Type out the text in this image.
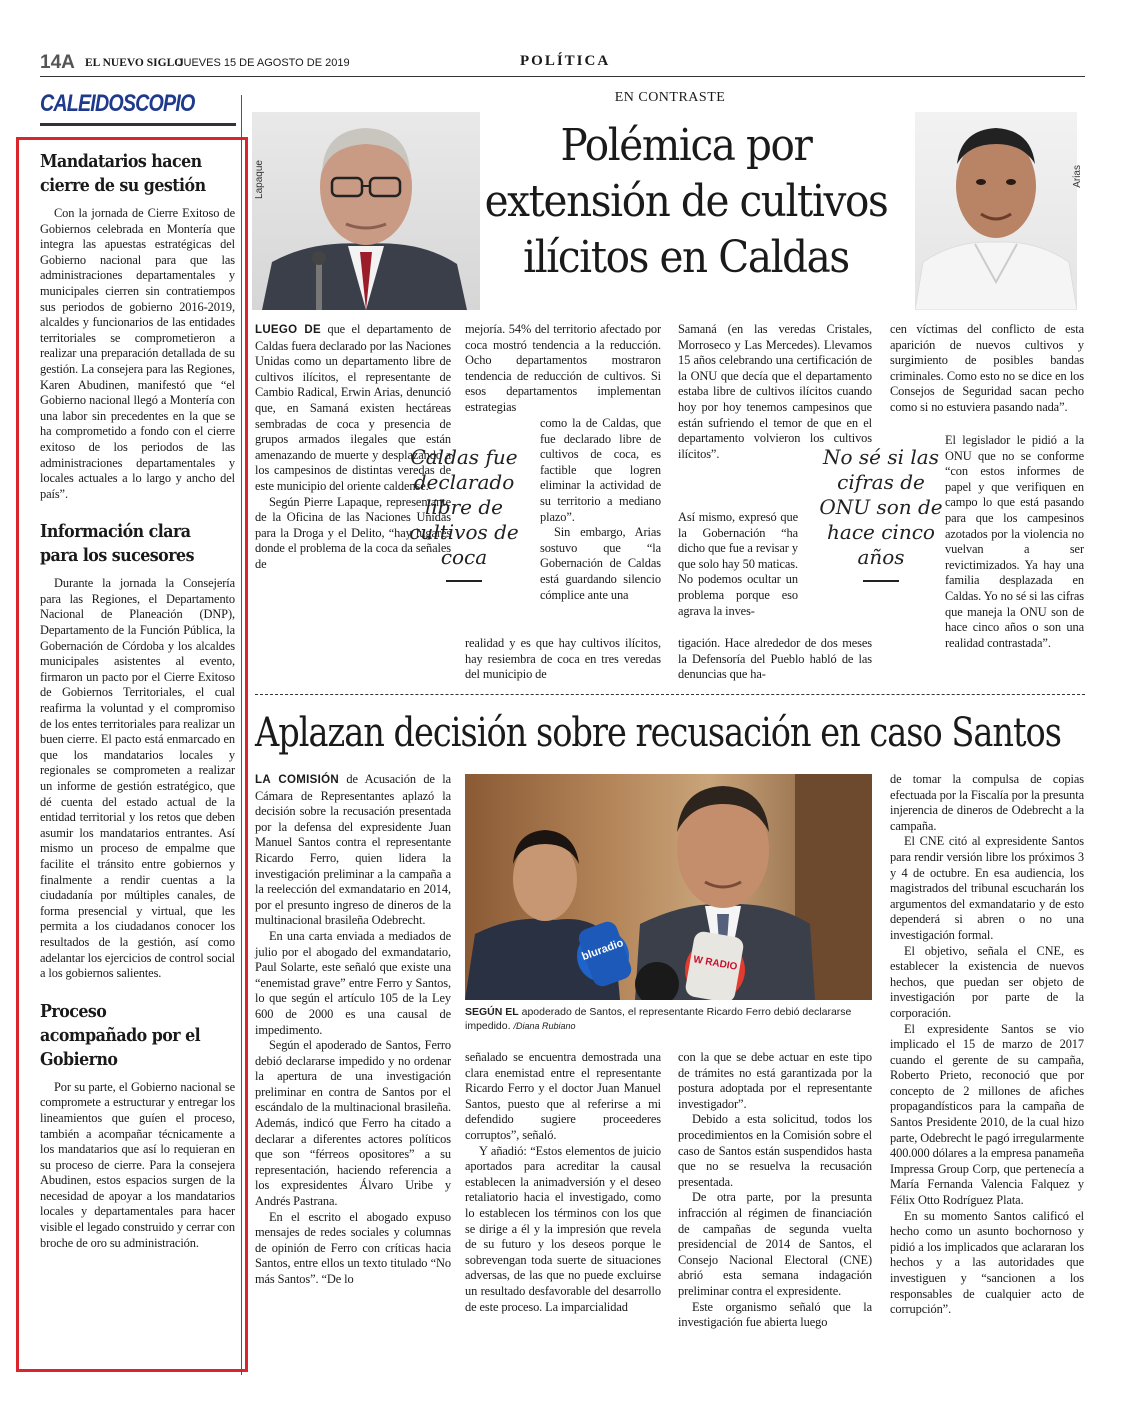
14A EL NUEVO SIGLO
JUEVES 15 DE AGOSTO DE 2019	POLÍTICA
CALEIDOSCOPIO
Mandatarios hacen cierre de su gestión

Con la jornada de Cierre Exitoso de Gobiernos celebrada en Montería que integra las apuestas estratégicas del Gobierno nacional para que las administraciones departamentales y municipales cierren sin contratiempos sus periodos de gobierno 2016-2019, alcaldes y funcionarios de las entidades territoriales se comprometieron a realizar una preparación detallada de su gestión. La consejera para las Regiones, Karen Abudinen, manifestó que “el Gobierno nacional llegó a Montería con una labor sin precedentes en la que se ha comprometido a fondo con el cierre exitoso de los periodos de las administraciones departamentales y locales actuales a lo largo y ancho del país”.

Información clara para los sucesores

Durante la jornada la Consejería para las Regiones, el Departamento Nacional de Planeación (DNP), Departamento de la Función Pública, la Gobernación de Córdoba y los alcaldes municipales asistentes al evento, firmaron un pacto por el Cierre Exitoso de Gobiernos Territoriales, el cual reafirma la voluntad y el compromiso de los entes territoriales para realizar un buen cierre. El pacto está enmarcado en que los mandatarios locales y regionales se comprometen a realizar un informe de gestión estratégico, que dé cuenta del estado actual de la entidad territorial y los retos que deben asumir los mandatarios entrantes. Así mismo un proceso de empalme que facilite el tránsito entre gobiernos y finalmente a rendir cuentas a la ciudadanía por múltiples canales, de forma presencial y virtual, que les permita a los ciudadanos conocer los resultados de la gestión, así como adelantar los ejercicios de control social a los gobiernos salientes.

Proceso acompañado por el Gobierno

Por su parte, el Gobierno nacional se compromete a estructurar y entregar los lineamientos que guíen el proceso, también a acompañar técnicamente a los mandatarios que así lo requieran en su proceso de cierre. Para la consejera Abudinen, estos espacios surgen de la necesidad de apoyar a los mandatarios locales y departamentales para hacer visible el legado construido y cerrar con broche de oro su administración.

EN CONTRASTE
Lapaque	Arias
Polémica por extensión de cultivos ilícitos en Caldas

LUEGO DE que el departamento de Caldas fuera declarado por las Naciones Unidas como un departamento libre de cultivos ilícitos, el representante de Cambio Radical, Erwin Arias, denunció que, en Samaná existen hectáreas sembradas de coca y presencia de grupos armados ilegales que están amenazando de muerte y desplazando a los campesinos de distintas veredas de este municipio del oriente caldense.

Según Pierre Lapaque, representante de la Oficina de las Naciones Unidas para la Droga y el Delito, “hay lugares donde el problema de la coca da señales de

Caldas fue declarado libre de cultivos de coca

mejoría. 54% del territorio afectado por coca mostró tendencia a la reducción. Ocho departamentos mostraron tendencia de reducción de cultivos. Si esos departamentos implementan estrategias

como la de Caldas, que fue declarado libre de cultivos de coca, es factible que logren eliminar la actividad de su territorio a mediano plazo”.

Sin embargo, Arias sostuvo que “la Gobernación de Caldas está guardando silencio cómplice ante una

realidad y es que hay cultivos ilícitos, hay resiembra de coca en tres veredas del municipio de

Samaná (en las veredas Cristales, Morroseco y Las Mercedes). Llevamos 15 años celebrando una certificación de la ONU que decía que el departamento estaba libre de cultivos ilícitos cuando hoy por hoy tenemos campesinos que están sufriendo el temor de que en el departamento volvieron los cultivos ilícitos”.

Así mismo, expresó que la Gobernación “ha dicho que fue a revisar y que solo hay 50 maticas. No podemos ocultar un problema porque eso agrava la inves-

tigación. Hace alrededor de dos meses la Defensoría del Pueblo habló de las denuncias que ha-

No sé si las cifras de ONU son de hace cinco años

cen víctimas del conflicto de esta aparición de nuevos cultivos y surgimiento de posibles bandas criminales. Como esto no se dice en los Consejos de Seguridad sacan pecho como si no estuviera pasando nada”.

El legislador le pidió a la ONU que no se conforme “con estos informes de papel y que verifiquen en campo lo que está pasando para que los campesinos azotados por la violencia no vuelvan a ser revictimizados. Ya hay una familia desplazada en Caldas. Yo no sé si las cifras que maneja la ONU son de hace cinco años o son una realidad contrastada”.

Aplazan decisión sobre recusación en caso Santos

LA COMISIÓN de Acusación de la Cámara de Representantes aplazó la decisión sobre la recusación presentada por la defensa del expresidente Juan Manuel Santos contra el representante Ricardo Ferro, quien lidera la investigación preliminar a la campaña a la reelección del exmandatario en 2014, por el presunto ingreso de dineros de la multinacional brasileña Odebrecht.

En una carta enviada a mediados de julio por el abogado del exmandatario, Paul Solarte, este señaló que existe una “enemistad grave” entre Ferro y Santos, lo que según el artículo 105 de la Ley 600 de 2000 es una causal de impedimento.

Según el apoderado de Santos, Ferro debió declararse impedido y no ordenar la apertura de una investigación preliminar en contra de Santos por el escándalo de la multinacional brasileña. Además, indicó que Ferro ha citado a declarar a diferentes actores políticos que son “férreos opositores” a su representación, haciendo referencia a los expresidentes Álvaro Uribe y Andrés Pastrana.

En el escrito el abogado expuso mensajes de redes sociales y columnas de opinión de Ferro con críticas hacia Santos, entre ellos un texto titulado “No más Santos”. “De lo

bluradio
W RADIO
SEGÚN EL apoderado de Santos, el representante Ricardo Ferro debió declararse impedido. /Diana Rubiano

señalado se encuentra demostrada una clara enemistad entre el representante Ricardo Ferro y el doctor Juan Manuel Santos, puesto que al referirse a mi defendido sugiere proceederes corruptos”, señaló.

Y añadió: “Estos elementos de juicio aportados para acreditar la causal establecen la animadversión y el deseo retaliatorio hacia el investigado, como lo establecen los términos con los que se dirige a él y la impresión que revela de su futuro y los deseos porque le sobrevengan toda suerte de situaciones adversas, de las que no puede excluirse un resultado desfavorable del desarrollo de este proceso. La imparcialidad

con la que se debe actuar en este tipo de trámites no está garantizada por la postura adoptada por el representante investigador”.

Debido a esta solicitud, todos los procedimientos en la Comisión sobre el caso de Santos están suspendidos hasta que no se resuelva la recusación presentada.

De otra parte, por la presunta infracción al régimen de financiación de campañas de segunda vuelta presidencial de 2014 de Santos, el Consejo Nacional Electoral (CNE) abrió esta semana indagación preliminar contra el expresidente.

Este organismo señaló que la investigación fue abierta luego

de tomar la compulsa de copias efectuada por la Fiscalía por la presunta injerencia de dineros de Odebrecht a la campaña.

El CNE citó al expresidente Santos para rendir versión libre los próximos 3 y 4 de octubre. En esa audiencia, los magistrados del tribunal escucharán los argumentos del exmandatario y de esto dependerá si abren o no una investigación formal.

El objetivo, señala el CNE, es establecer la existencia de nuevos hechos, que puedan ser objeto de investigación por parte de la corporación.

El expresidente Santos se vio implicado el 15 de marzo de 2017 cuando el gerente de su campaña, Roberto Prieto, reconoció que por concepto de 2 millones de afiches propagandísticos para la campaña de Santos Presidente 2010, de la cual hizo parte, Odebrecht le pagó irregularmente 400.000 dólares a la empresa panameña Impressa Group Corp, que pertenecía a María Fernanda Valencia Falquez y Félix Otto Rodríguez Plata.

En su momento Santos calificó el hecho como un asunto bochornoso y pidió a los implicados que aclararan los hechos y a las autoridades que investiguen y “sancionen a los responsables de cualquier acto de corrupción”.
